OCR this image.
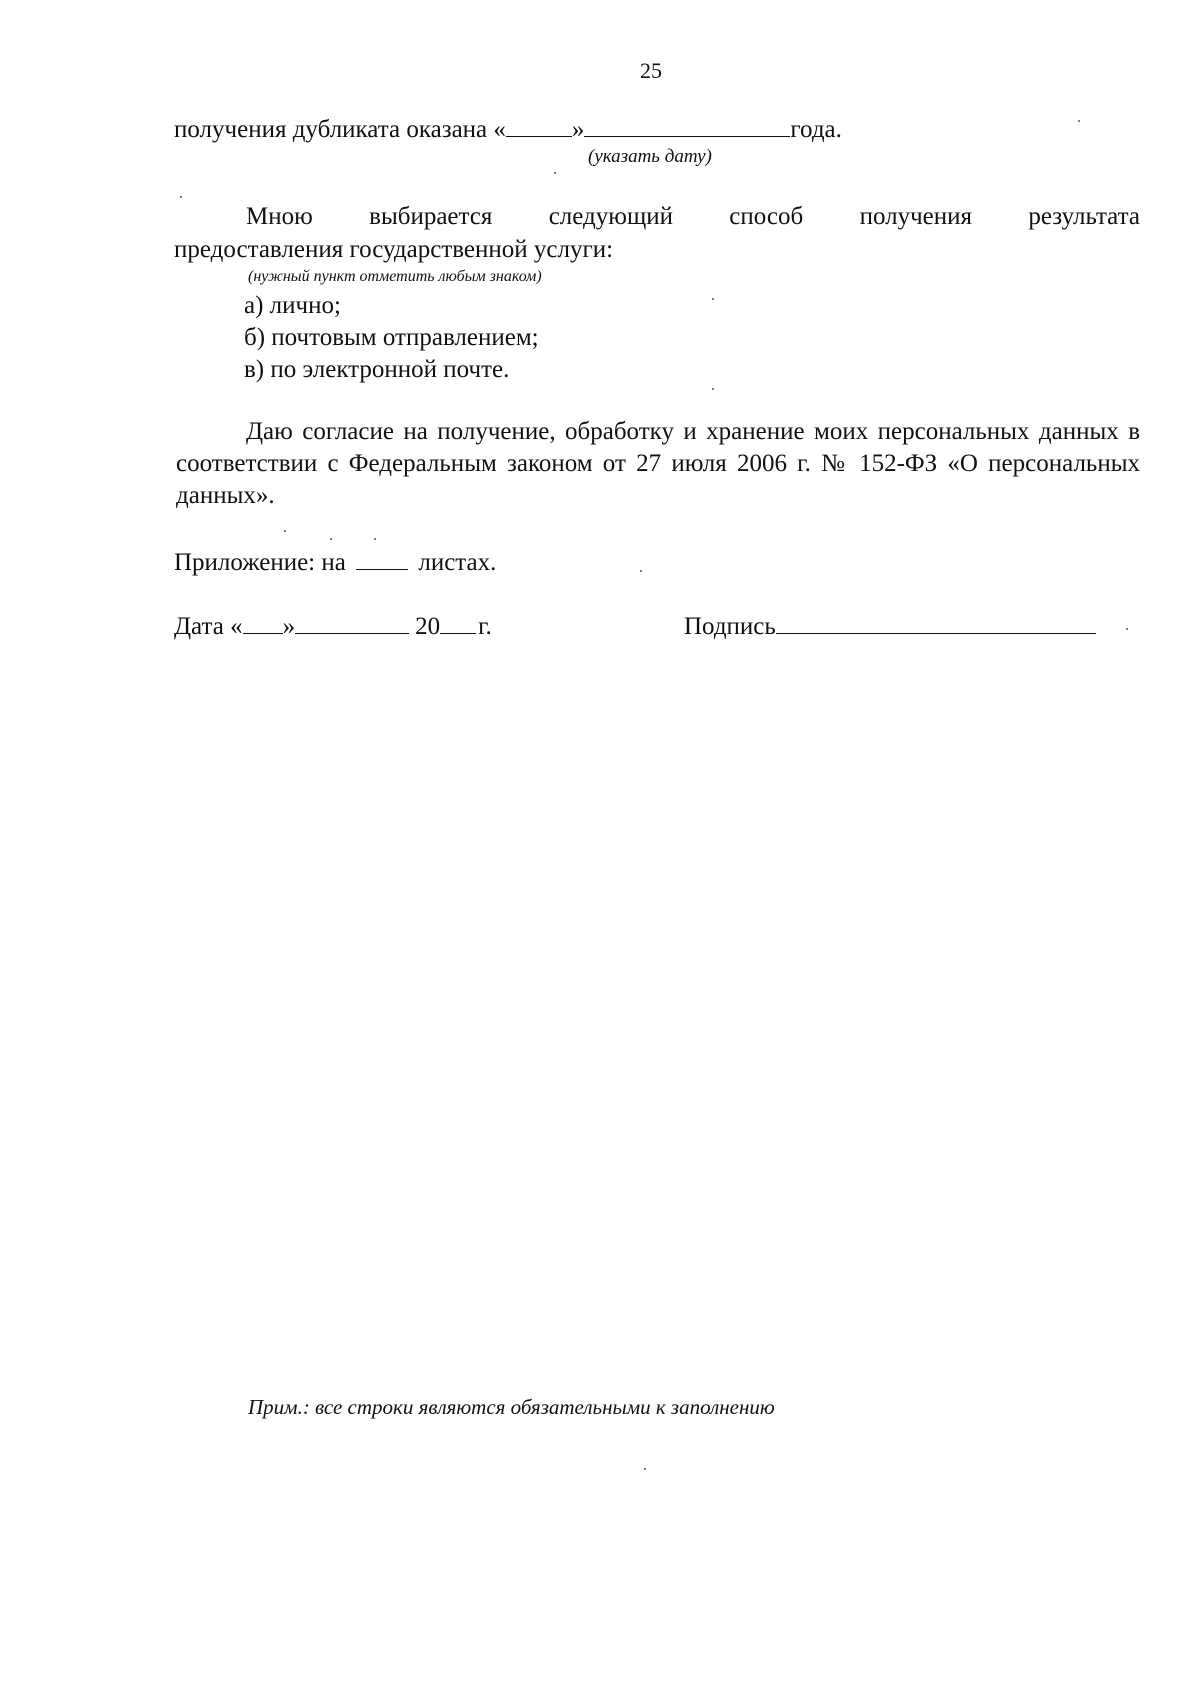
25
получения дубликата оказана «	»	года.
(указать дату)
Мною выбирается следующий способ получения результата
предоставления государственной услуги:
(нужный пункт отметить любым знаком)
а) лично;
б) почтовым отправлением;
в) по электронной почте.
Даю согласие на получение, обработку и хранение моих персональных данных в соответствии с Федеральным законом от 27 июля 2006 г. № 152-ФЗ «О персональных данных».
Приложение: на	листах.
Дата « »	20 г.	Подпись
Прим.: все строки являются обязательными к заполнению
